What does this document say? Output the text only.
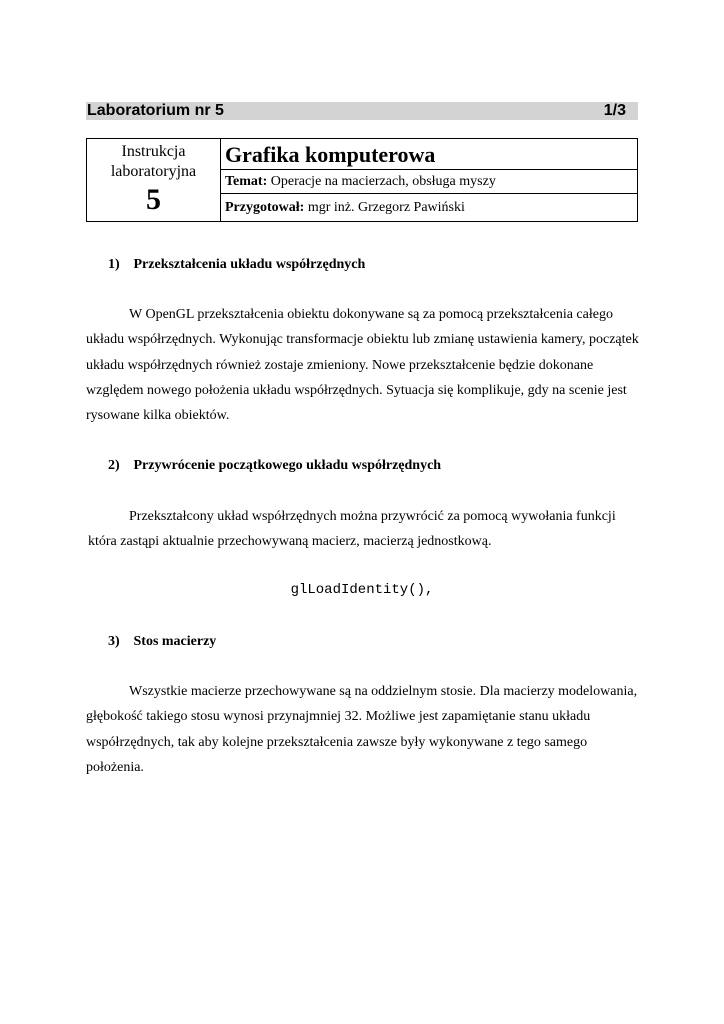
Laboratorium nr 5	1/3
Instrukcja laboratoryjna
5
Grafika komputerowa
Temat: Operacje na macierzach, obsługa myszy
Przygotował: mgr inż. Grzegorz Pawiński
1) Przekształcenia układu współrzędnych
W OpenGL przekształcenia obiektu dokonywane są za pomocą przekształcenia całego układu współrzędnych. Wykonując transformacje obiektu lub zmianę ustawienia kamery, początek układu współrzędnych również zostaje zmieniony. Nowe przekształcenie będzie dokonane względem nowego położenia układu współrzędnych. Sytuacja się komplikuje, gdy na scenie jest rysowane kilka obiektów.
2) Przywrócenie początkowego układu współrzędnych
Przekształcony układ współrzędnych można przywrócić za pomocą wywołania funkcji która zastąpi aktualnie przechowywaną macierz, macierzą jednostkową.
glLoadIdentity(),
3) Stos macierzy
Wszystkie macierze przechowywane są na oddzielnym stosie. Dla macierzy modelowania, głębokość takiego stosu wynosi przynajmniej 32. Możliwe jest zapamiętanie stanu układu współrzędnych, tak aby kolejne przekształcenia zawsze były wykonywane z tego samego położenia.
